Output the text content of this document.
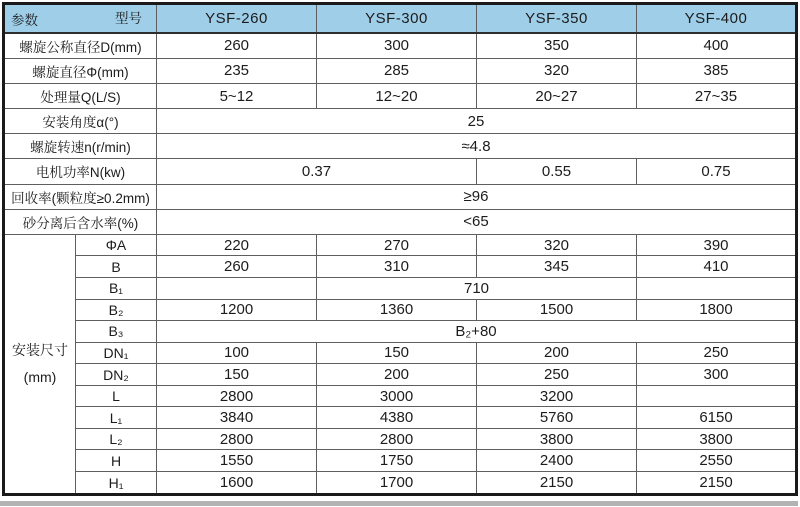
型号
参数		YSF-260	YSF-300	YSF-350	YSF-400
螺旋公称直径D(mm)		260	300	350	400
螺旋直径Φ(mm)		235	285	320	385
处理量Q(L/S)		5~12	12~20	20~27	27~35
安装角度α(°)		25			
螺旋转速n(r/min)		≈4.8			
电机功率N(kw)		0.37		0.55	0.75
回收率(颗粒度≥0.2mm)		≥96			
砂分离后含水率(%)		<65			

安装尺寸
(mm)	ΦA	220	270	320	390
	B	260	310	345	410
	B₁		710		
	B₂	1200	1360	1500	1800
	B₃	B₂+80			
	DN₁	100	150	200	250
	DN₂	150	200	250	300
	L	2800	3000	3200	
	L₁	3840	4380	5760	6150
	L₂	2800	2800	3800	3800
	H	1550	1750	2400	2550
	H₁	1600	1700	2150	2150
